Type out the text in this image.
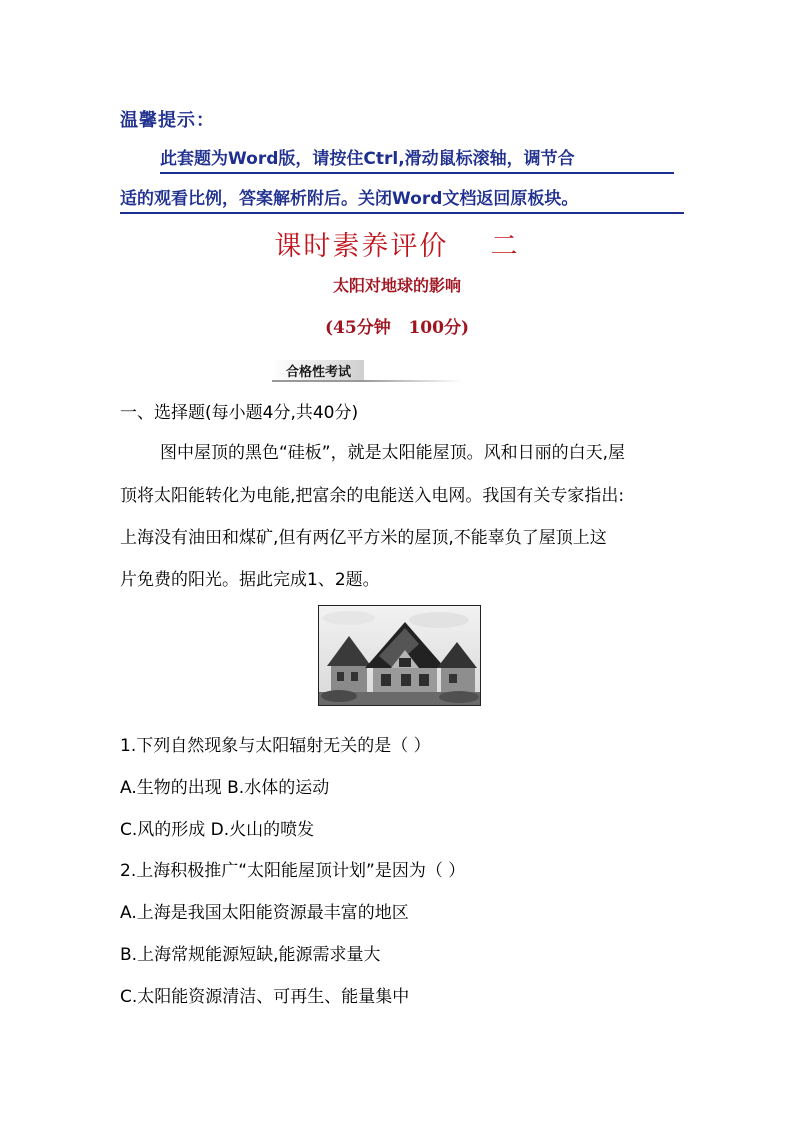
温馨提示：
此套题为Word版，请按住Ctrl,滑动鼠标滚轴，调节合
适的观看比例，答案解析附后。关闭Word文档返回原板块。
课时素养评价    二
太阳对地球的影响
(45分钟   100分)
合格性考试
一、选择题(每小题4分,共40分)
图中屋顶的黑色“硅板”，就是太阳能屋顶。风和日丽的白天,屋
顶将太阳能转化为电能,把富余的电能送入电网。我国有关专家指出:
上海没有油田和煤矿,但有两亿平方米的屋顶,不能辜负了屋顶上这
片免费的阳光。据此完成1、2题。
1.下列自然现象与太阳辐射无关的是（ ）
A.生物的出现 B.水体的运动
C.风的形成 D.火山的喷发
2.上海积极推广“太阳能屋顶计划”是因为（ ）
A.上海是我国太阳能资源最丰富的地区
B.上海常规能源短缺,能源需求量大
C.太阳能资源清洁、可再生、能量集中
